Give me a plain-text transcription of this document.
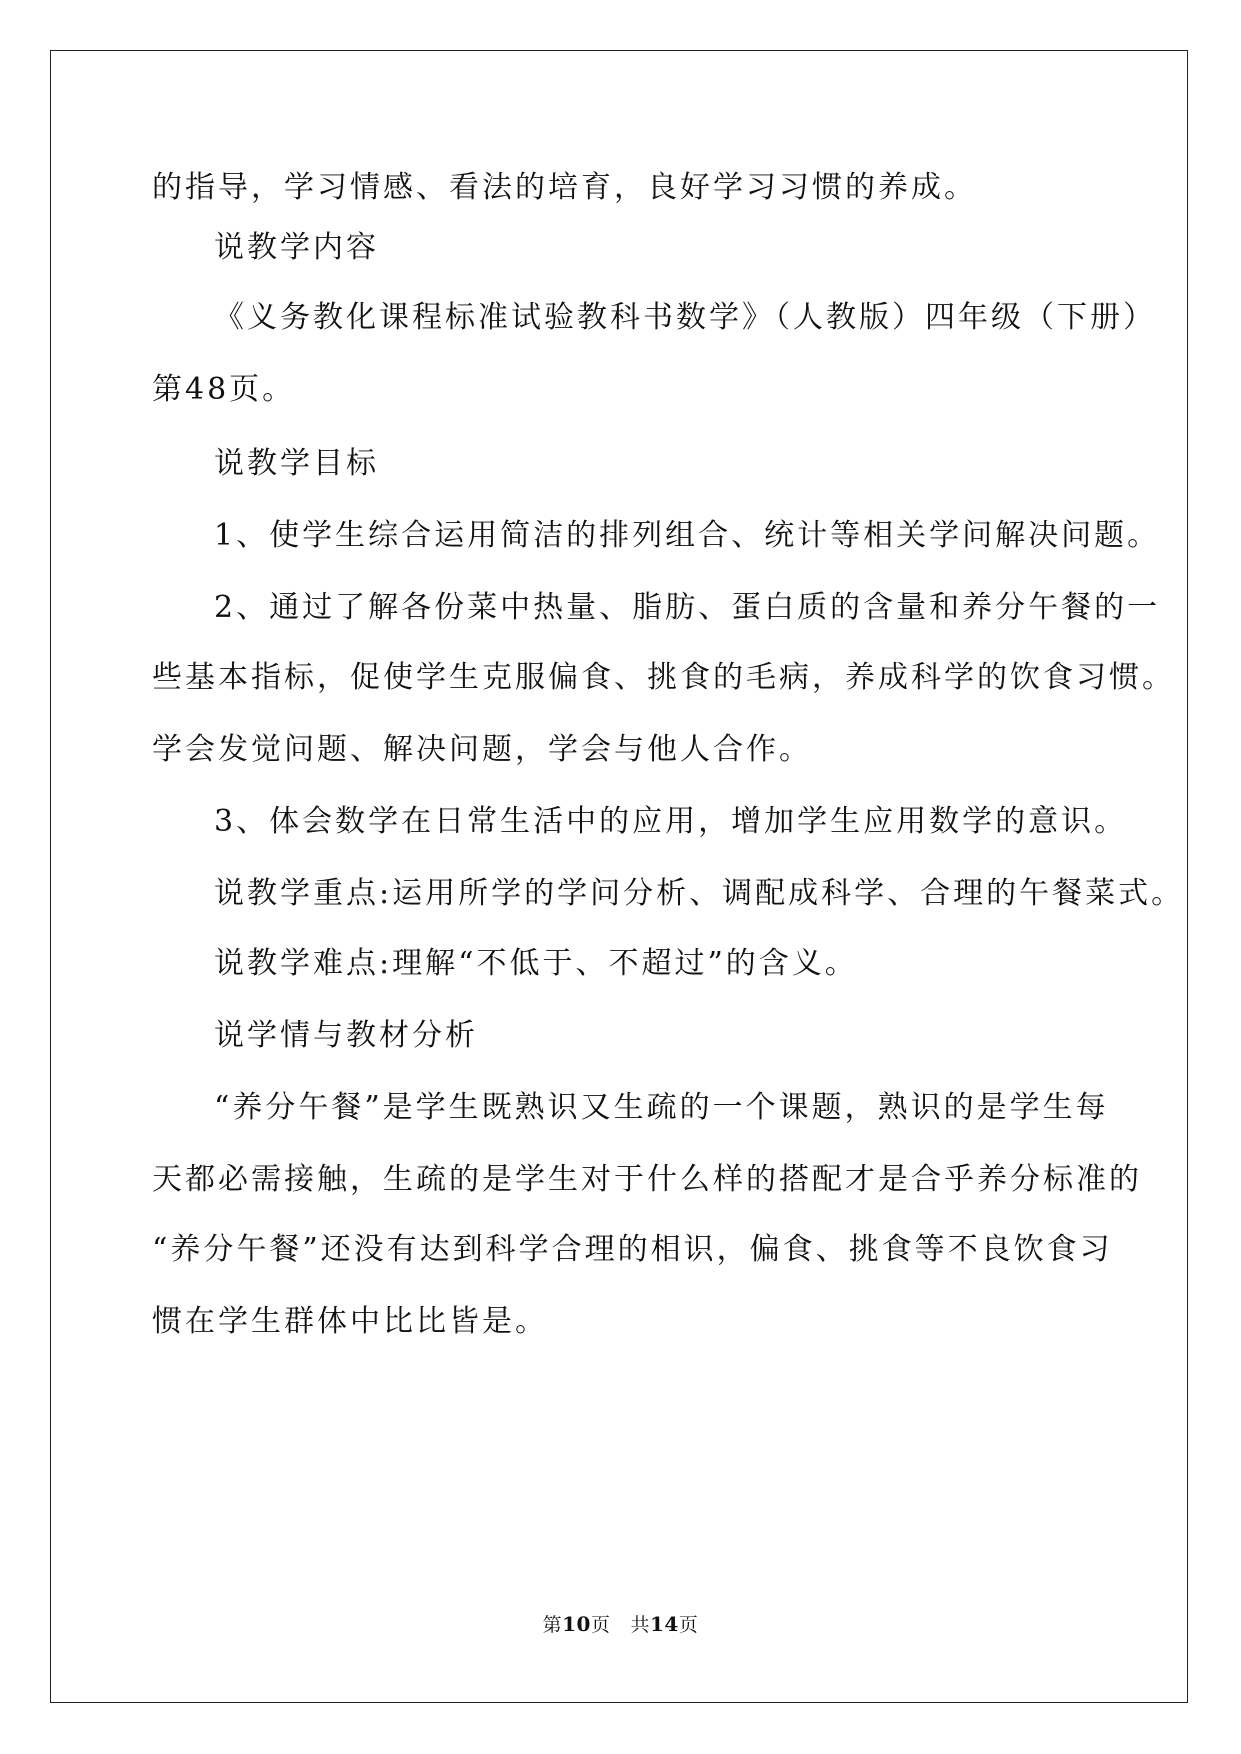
的指导，学习情感、看法的培育，良好学习习惯的养成。
说教学内容
《义务教化课程标准试验教科书数学》（人教版）四年级（下册）
第48页。
说教学目标
1、使学生综合运用简洁的排列组合、统计等相关学问解决问题。
2、通过了解各份菜中热量、脂肪、蛋白质的含量和养分午餐的一
些基本指标，促使学生克服偏食、挑食的毛病，养成科学的饮食习惯。
学会发觉问题、解决问题，学会与他人合作。
3、体会数学在日常生活中的应用，增加学生应用数学的意识。
说教学重点:运用所学的学问分析、调配成科学、合理的午餐菜式。
说教学难点:理解“不低于、不超过”的含义。
说学情与教材分析
“养分午餐”是学生既熟识又生疏的一个课题，熟识的是学生每
天都必需接触，生疏的是学生对于什么样的搭配才是合乎养分标准的
“养分午餐”还没有达到科学合理的相识，偏食、挑食等不良饮食习
惯在学生群体中比比皆是。
第10页 共14页
